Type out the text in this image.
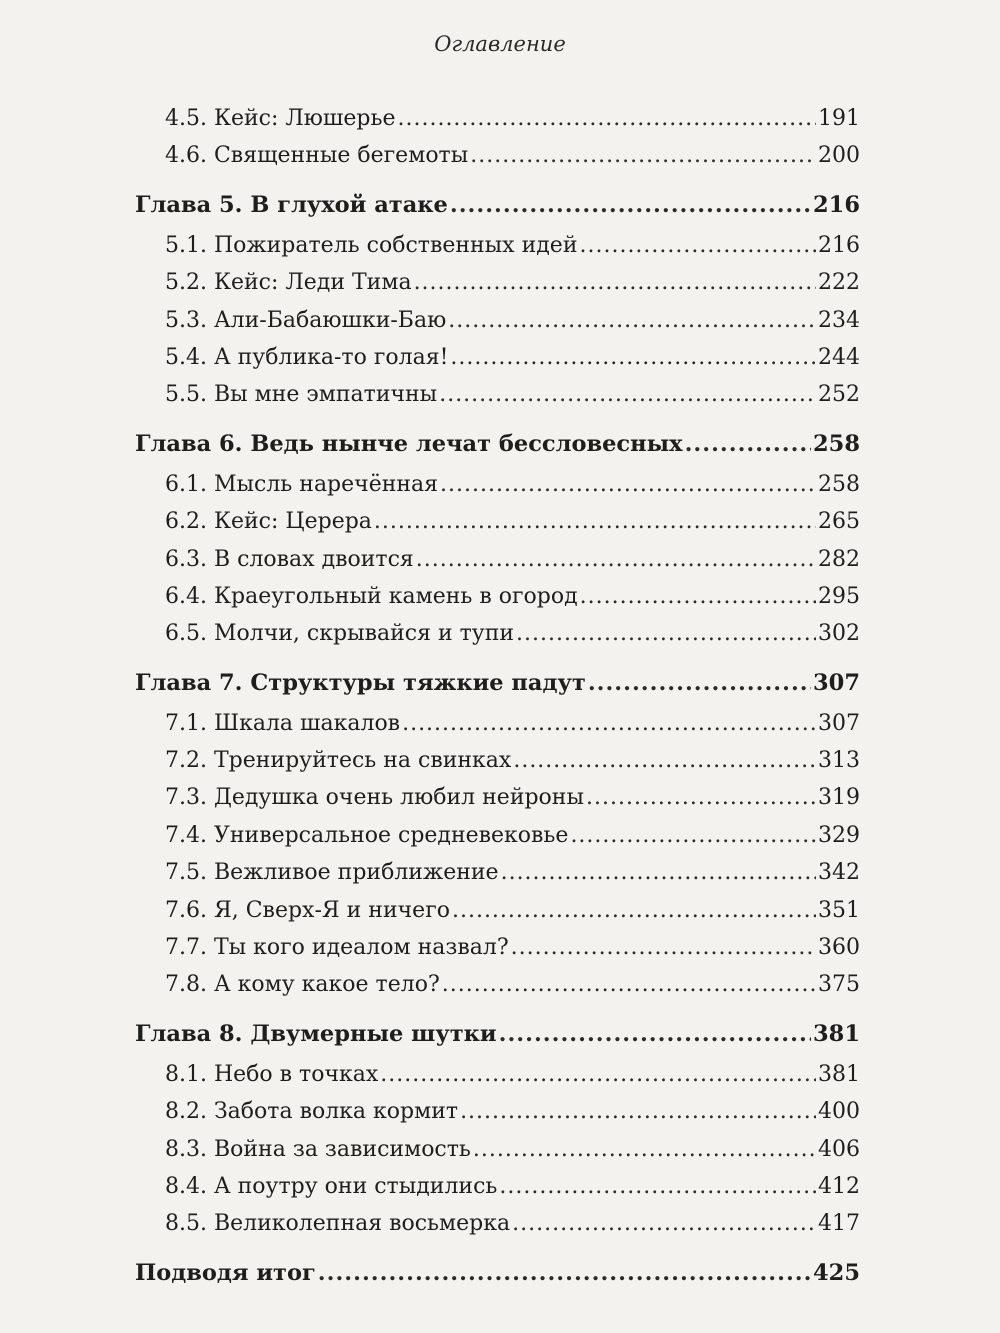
Оглавление
4.5. Кейс: Люшерье .....	191
4.6. Священные бегемоты .....	200
Глава 5. В глухой атаке .....	216
5.1. Пожиратель собственных идей .....	216
5.2. Кейс: Леди Тима .....	222
5.3. Али-Бабаюшки-Баю .....	234
5.4. А публика-то голая! .....	244
5.5. Вы мне эмпатичны .....	252
Глава 6. Ведь нынче лечат бессловесных .....	258
6.1. Мысль наречённая .....	258
6.2. Кейс: Церера .....	265
6.3. В словах двоится .....	282
6.4. Краеугольный камень в огород .....	295
6.5. Молчи, скрывайся и тупи .....	302
Глава 7. Структуры тяжкие падут .....	307
7.1. Шкала шакалов .....	307
7.2. Тренируйтесь на свинках .....	313
7.3. Дедушка очень любил нейроны .....	319
7.4. Универсальное средневековье .....	329
7.5. Вежливое приближение .....	342
7.6. Я, Сверх-Я и ничего .....	351
7.7. Ты кого идеалом назвал? .....	360
7.8. А кому какое тело? .....	375
Глава 8. Двумерные шутки .....	381
8.1. Небо в точках .....	381
8.2. Забота волка кормит .....	400
8.3. Война за зависимость .....	406
8.4. А поутру они стыдились .....	412
8.5. Великолепная восьмерка .....	417
Подводя итог .....	425
